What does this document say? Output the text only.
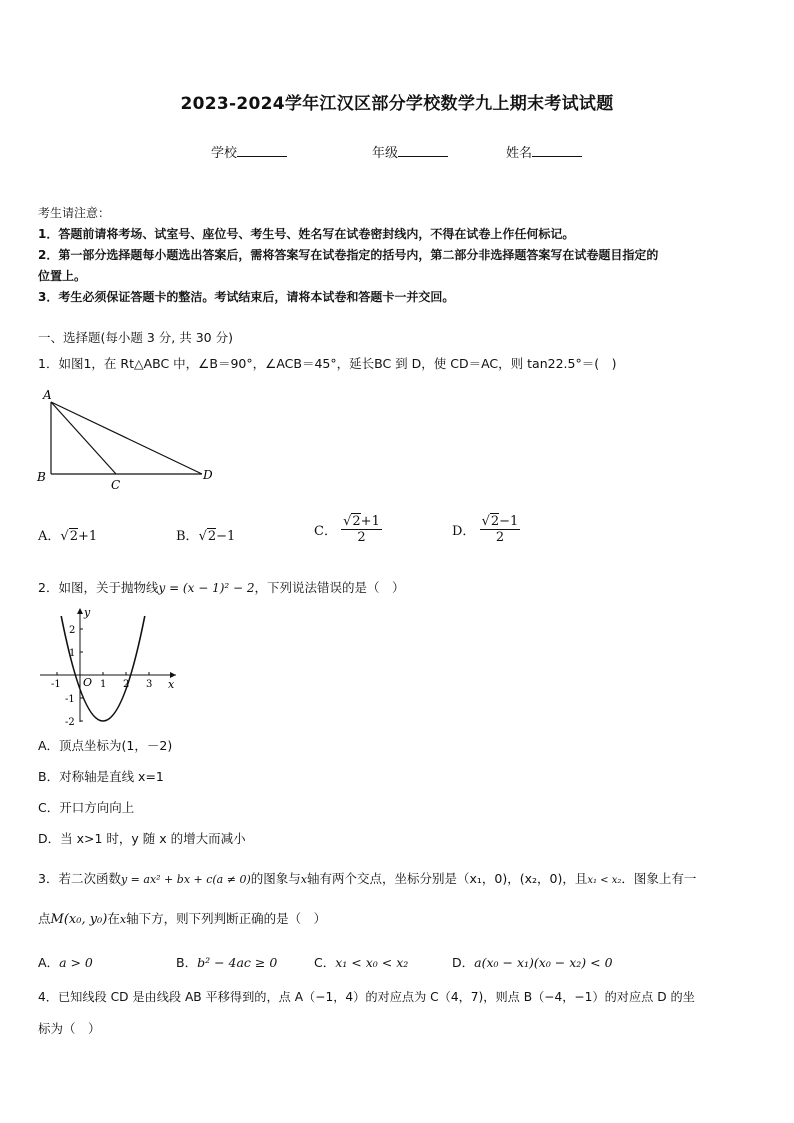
2023-2024学年江汉区部分学校数学九上期末考试试题
学校	年级	姓名
考生请注意：
1．答题前请将考场、试室号、座位号、考生号、姓名写在试卷密封线内，不得在试卷上作任何标记。
2．第一部分选择题每小题选出答案后，需将答案写在试卷指定的括号内，第二部分非选择题答案写在试卷题目指定的
位置上。
3．考生必须保证答题卡的整洁。考试结束后，请将本试卷和答题卡一并交回。
一、选择题(每小题 3 分, 共 30 分)
1．如图1，在 Rt△ABC 中，∠B＝90°，∠ACB＝45°，延长BC 到 D，使 CD＝AC，则 tan22.5°＝(　)
A
B
C
D
A．√2+1	B．√2−1	C． $\frac{√2+1}{2}$	D． $\frac{√2-1}{2}$
2．如图，关于抛物线y = (x − 1)² − 2，下列说法错误的是（　）
y
x
O
-1	1 2 3
2
1
-1
-2
A．顶点坐标为(1，－2)
B．对称轴是直线 x=1
C．开口方向向上
D．当 x>1 时，y 随 x 的增大而减小
3．若二次函数y = ax² + bx + c(a ≠ 0)的图象与x轴有两个交点，坐标分别是（x₁，0)，(x₂，0)，且x₁ < x₂．图象上有一
点M(x₀, y₀)在x轴下方，则下列判断正确的是（　）
A．a > 0	B．b² − 4ac ≥ 0	C．x₁ < x₀ < x₂	D．a(x₀ − x₁)(x₀ − x₂) < 0
4．已知线段 CD 是由线段 AB 平移得到的，点 A（−1，4）的对应点为 C（4，7)，则点 B（−4，−1）的对应点 D 的坐
标为（　）
